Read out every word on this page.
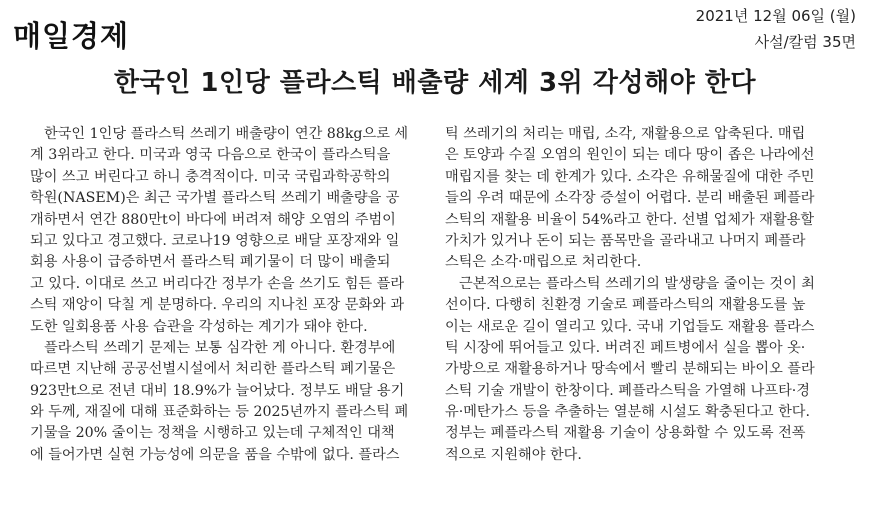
매일경제
2021년 12월 06일 (월)
사설/칼럼 35면
한국인 1인당 플라스틱 배출량 세계 3위 각성해야 한다
한국인 1인당 플라스틱 쓰레기 배출량이 연간 88kg으로 세
계 3위라고 한다. 미국과 영국 다음으로 한국이 플라스틱을
많이 쓰고 버린다고 하니 충격적이다. 미국 국립과학공학의
학원(NASEM)은 최근 국가별 플라스틱 쓰레기 배출량을 공
개하면서 연간 880만t이 바다에 버려져 해양 오염의 주범이
되고 있다고 경고했다. 코로나19 영향으로 배달 포장재와 일
회용 사용이 급증하면서 플라스틱 폐기물이 더 많이 배출되
고 있다. 이대로 쓰고 버리다간 정부가 손을 쓰기도 힘든 플라
스틱 재앙이 닥칠 게 분명하다. 우리의 지나친 포장 문화와 과
도한 일회용품 사용 습관을 각성하는 계기가 돼야 한다.
플라스틱 쓰레기 문제는 보통 심각한 게 아니다. 환경부에
따르면 지난해 공공선별시설에서 처리한 플라스틱 폐기물은
923만t으로 전년 대비 18.9%가 늘어났다. 정부도 배달 용기
와 두께, 재질에 대해 표준화하는 등 2025년까지 플라스틱 폐
기물을 20% 줄이는 정책을 시행하고 있는데 구체적인 대책
에 들어가면 실현 가능성에 의문을 품을 수밖에 없다. 플라스
틱 쓰레기의 처리는 매립, 소각, 재활용으로 압축된다. 매립
은 토양과 수질 오염의 원인이 되는 데다 땅이 좁은 나라에선
매립지를 찾는 데 한계가 있다. 소각은 유해물질에 대한 주민
들의 우려 때문에 소각장 증설이 어렵다. 분리 배출된 폐플라
스틱의 재활용 비율이 54%라고 한다. 선별 업체가 재활용할
가치가 있거나 돈이 되는 품목만을 골라내고 나머지 폐플라
스틱은 소각·매립으로 처리한다.
근본적으로는 플라스틱 쓰레기의 발생량을 줄이는 것이 최
선이다. 다행히 친환경 기술로 폐플라스틱의 재활용도를 높
이는 새로운 길이 열리고 있다. 국내 기업들도 재활용 플라스
틱 시장에 뛰어들고 있다. 버려진 페트병에서 실을 뽑아 옷·
가방으로 재활용하거나 땅속에서 빨리 분해되는 바이오 플라
스틱 기술 개발이 한창이다. 폐플라스틱을 가열해 나프타·경
유·메탄가스 등을 추출하는 열분해 시설도 확충된다고 한다.
정부는 폐플라스틱 재활용 기술이 상용화할 수 있도록 전폭
적으로 지원해야 한다.
